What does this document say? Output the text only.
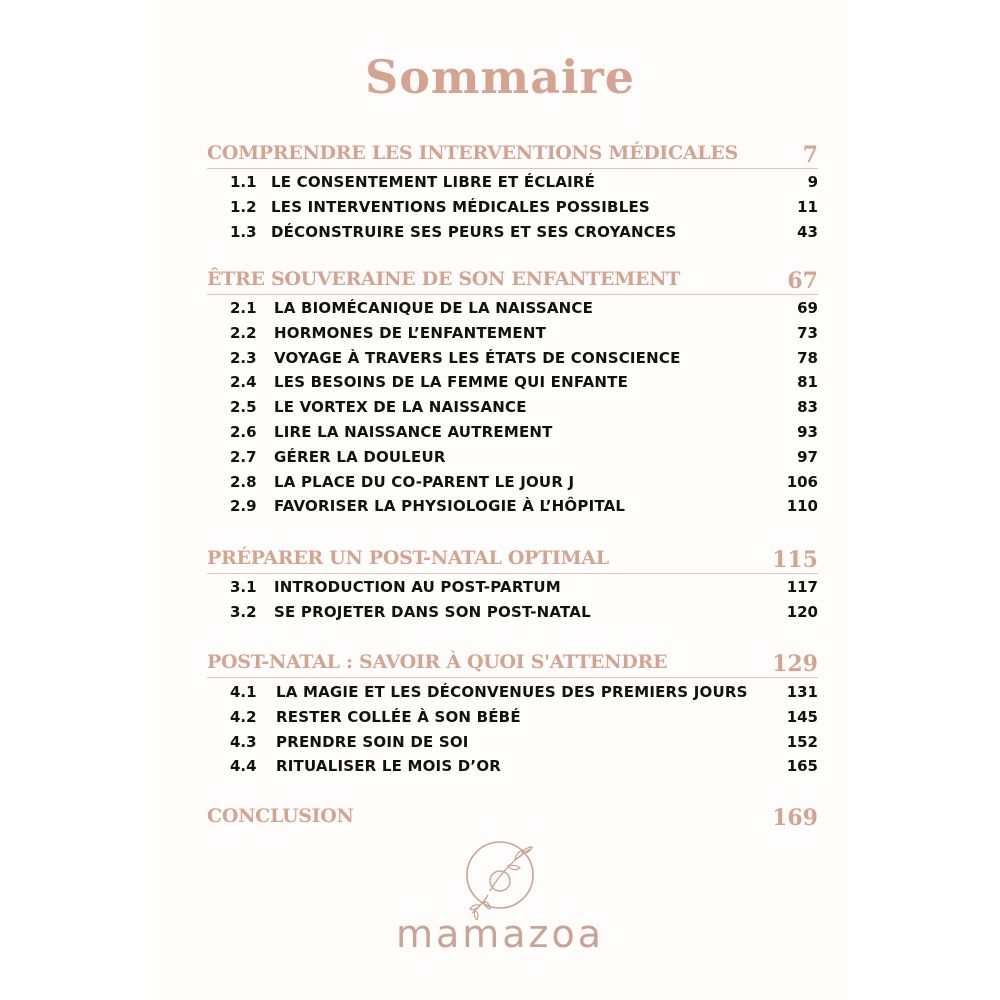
Sommaire
COMPRENDRE LES INTERVENTIONS MÉDICALES	7
1.1 LE CONSENTEMENT LIBRE ET ÉCLAIRÉ	9
1.2 LES INTERVENTIONS MÉDICALES POSSIBLES	11
1.3 DÉCONSTRUIRE SES PEURS ET SES CROYANCES	43
ÊTRE SOUVERAINE DE SON ENFANTEMENT	67
2.1 LA BIOMÉCANIQUE DE LA NAISSANCE	69
2.2 HORMONES DE L’ENFANTEMENT	73
2.3 VOYAGE À TRAVERS LES ÉTATS DE CONSCIENCE	78
2.4 LES BESOINS DE LA FEMME QUI ENFANTE	81
2.5 LE VORTEX DE LA NAISSANCE	83
2.6 LIRE LA NAISSANCE AUTREMENT	93
2.7 GÉRER LA DOULEUR	97
2.8 LA PLACE DU CO-PARENT LE JOUR J	106
2.9 FAVORISER LA PHYSIOLOGIE À L’HÔPITAL	110
PRÉPARER UN POST-NATAL OPTIMAL	115
3.1 INTRODUCTION AU POST-PARTUM	117
3.2 SE PROJETER DANS SON POST-NATAL	120
POST-NATAL : SAVOIR À QUOI S'ATTENDRE	129
4.1 LA MAGIE ET LES DÉCONVENUES DES PREMIERS JOURS	131
4.2 RESTER COLLÉE À SON BÉBÉ	145
4.3 PRENDRE SOIN DE SOI	152
4.4 RITUALISER LE MOIS D’OR	165
CONCLUSION	169
mamazoa
